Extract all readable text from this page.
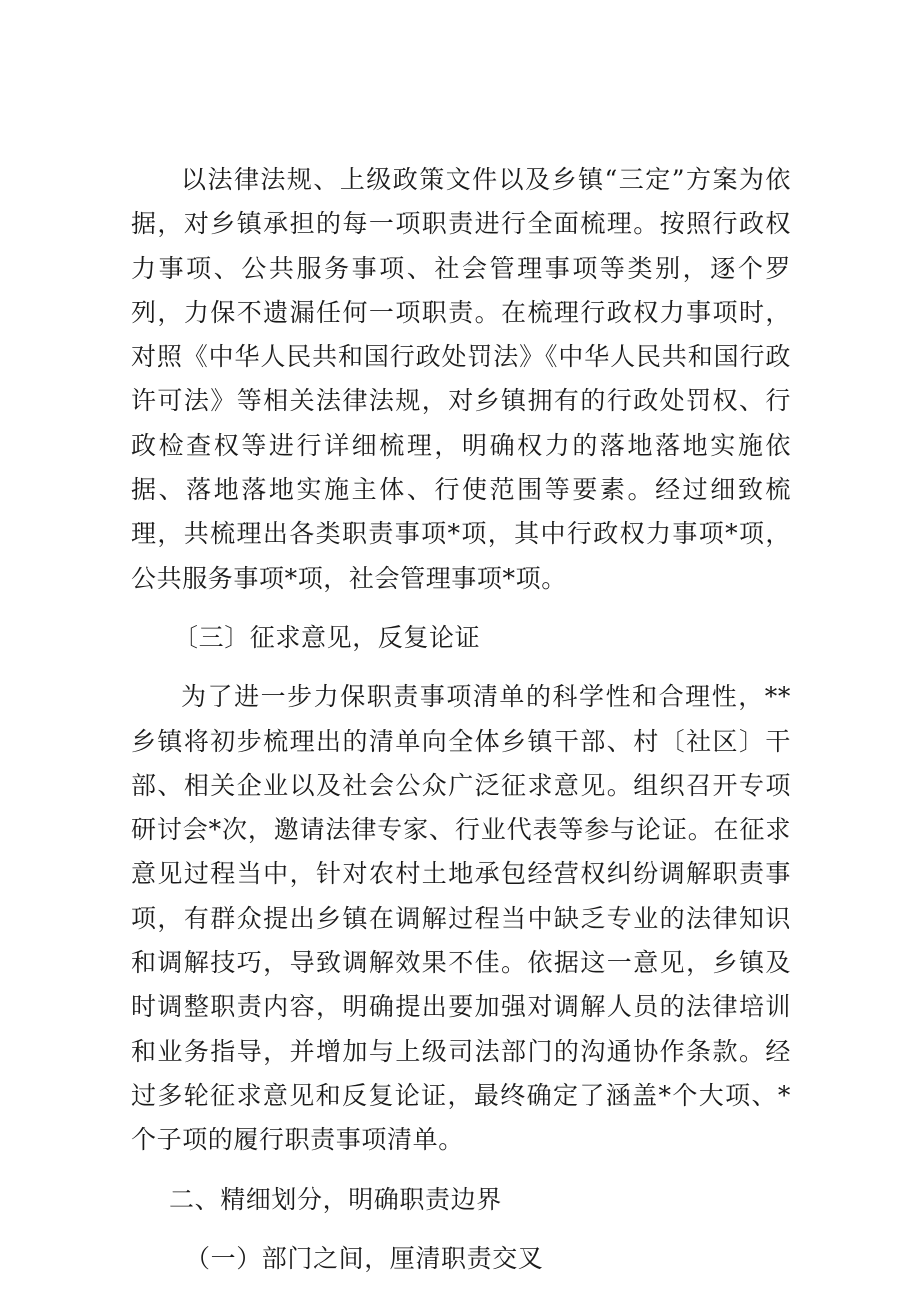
以法律法规、上级政策文件以及乡镇“三定”方案为依据，对乡镇承担的每一项职责进行全面梳理。按照行政权力事项、公共服务事项、社会管理事项等类别，逐个罗列，力保不遗漏任何一项职责。在梳理行政权力事项时，对照《中华人民共和国行政处罚法》《中华人民共和国行政许可法》等相关法律法规，对乡镇拥有的行政处罚权、行政检查权等进行详细梳理，明确权力的落地落地实施依据、落地落地实施主体、行使范围等要素。经过细致梳理，共梳理出各类职责事项*项，其中行政权力事项*项，公共服务事项*项，社会管理事项*项。

〔三〕征求意见，反复论证

为了进一步力保职责事项清单的科学性和合理性，**乡镇将初步梳理出的清单向全体乡镇干部、村〔社区〕干部、相关企业以及社会公众广泛征求意见。组织召开专项研讨会*次，邀请法律专家、行业代表等参与论证。在征求意见过程当中，针对农村土地承包经营权纠纷调解职责事项，有群众提出乡镇在调解过程当中缺乏专业的法律知识和调解技巧，导致调解效果不佳。依据这一意见，乡镇及时调整职责内容，明确提出要加强对调解人员的法律培训和业务指导，并增加与上级司法部门的沟通协作条款。经过多轮征求意见和反复论证，最终确定了涵盖*个大项、*个子项的履行职责事项清单。

二、精细划分，明确职责边界

（一）部门之间，厘清职责交叉
